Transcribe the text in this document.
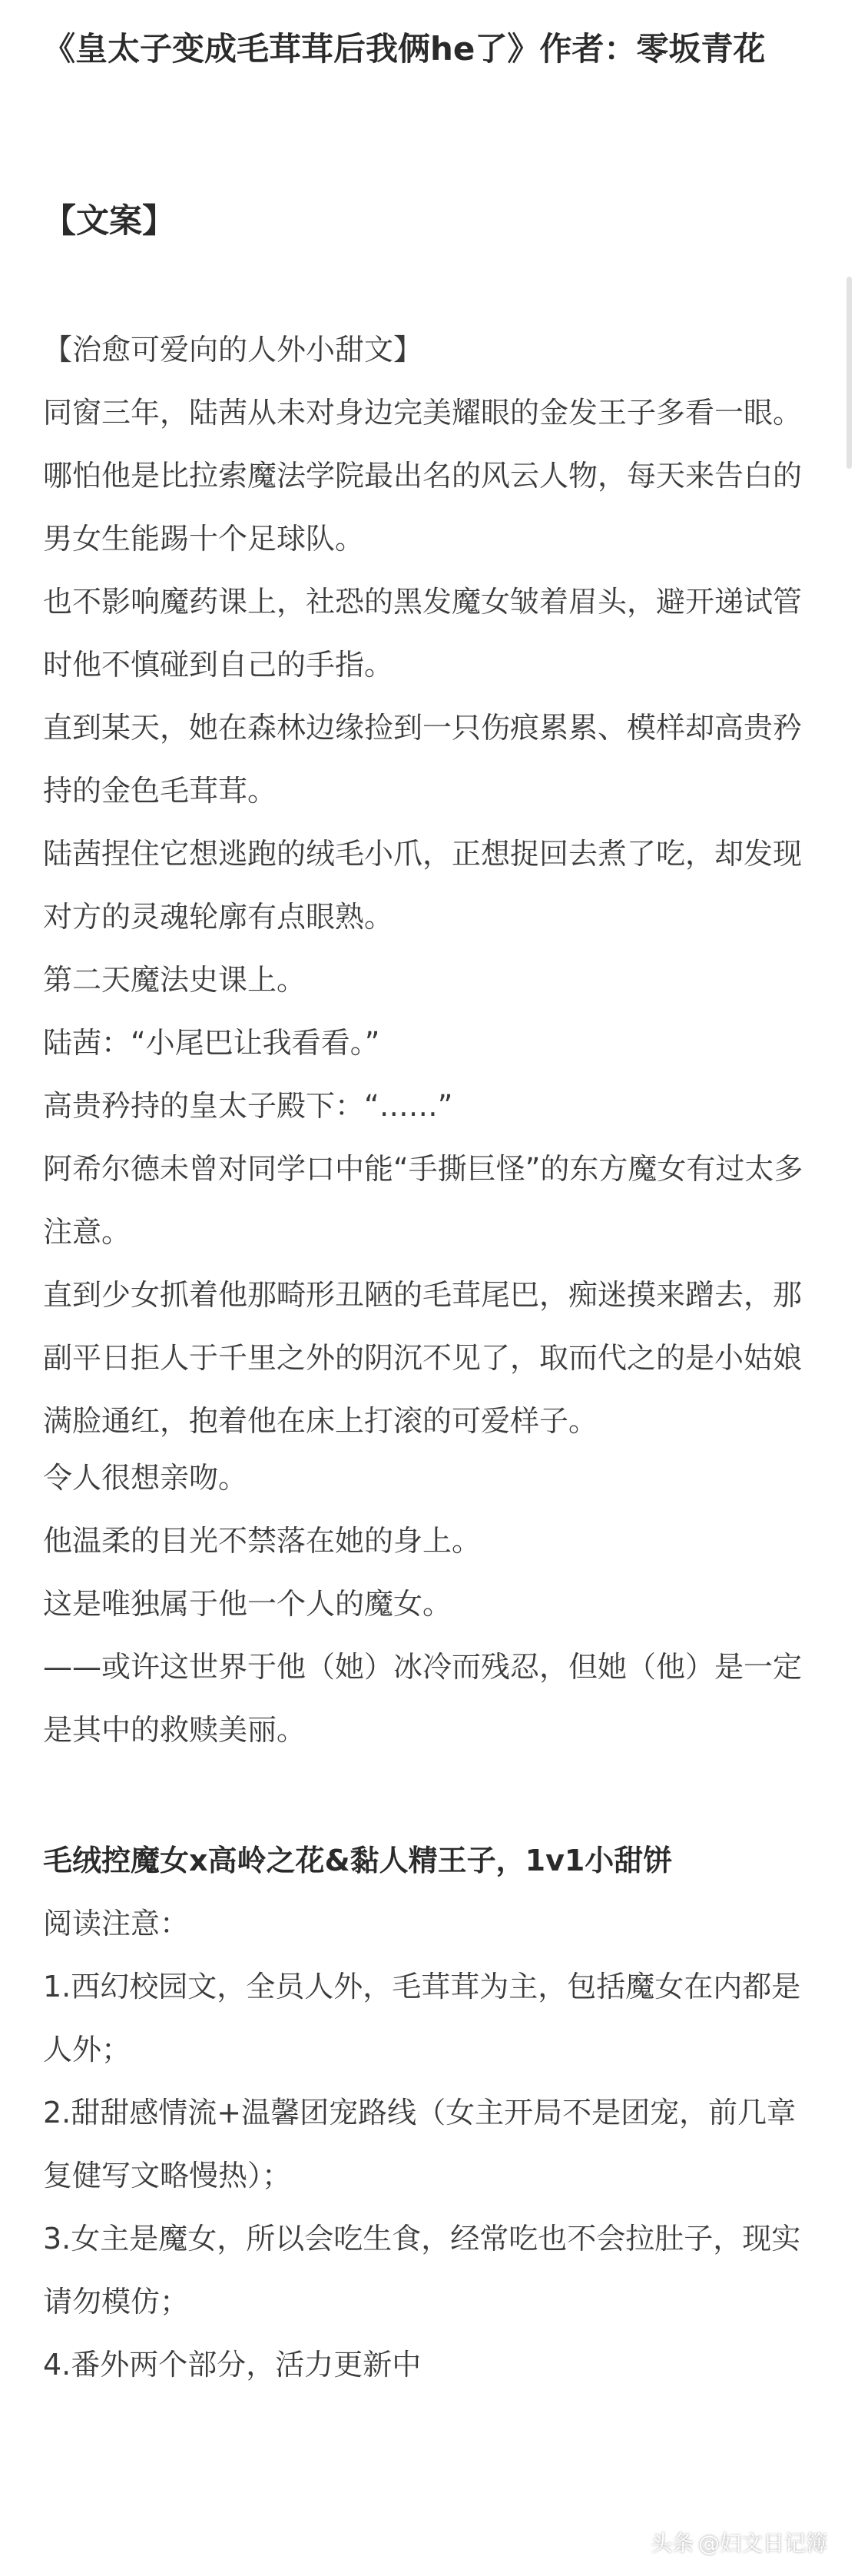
《皇太子变成毛茸茸后我俩he了》作者：零坂青花
【文案】

【治愈可爱向的人外小甜文】

同窗三年，陆茜从未对身边完美耀眼的金发王子多看一眼。

哪怕他是比拉索魔法学院最出名的风云人物，每天来告白的男女生能踢十个足球队。

也不影响魔药课上，社恐的黑发魔女皱着眉头，避开递试管时他不慎碰到自己的手指。

直到某天，她在森林边缘捡到一只伤痕累累、模样却高贵矜持的金色毛茸茸。

陆茜捏住它想逃跑的绒毛小爪，正想捉回去煮了吃，却发现对方的灵魂轮廓有点眼熟。

第二天魔法史课上。

陆茜：“小尾巴让我看看。”

高贵矜持的皇太子殿下：“……”

阿希尔德未曾对同学口中能“手撕巨怪”的东方魔女有过太多注意。

直到少女抓着他那畸形丑陋的毛茸尾巴，痴迷摸来蹭去，那副平日拒人于千里之外的阴沉不见了，取而代之的是小姑娘满脸通红，抱着他在床上打滚的可爱样子。

令人很想亲吻。

他温柔的目光不禁落在她的身上。

这是唯独属于他一个人的魔女。

——或许这世界于他（她）冰冷而残忍，但她（他）是一定是其中的救赎美丽。

毛绒控魔女x高岭之花&黏人精王子，1v1小甜饼

阅读注意：

1.西幻校园文，全员人外，毛茸茸为主，包括魔女在内都是人外；

2.甜甜感情流+温馨团宠路线（女主开局不是团宠，前几章复健写文略慢热）；

3.女主是魔女，所以会吃生食，经常吃也不会拉肚子，现实请勿模仿；

4.番外两个部分，活力更新中

头条 @妇文日记簿
